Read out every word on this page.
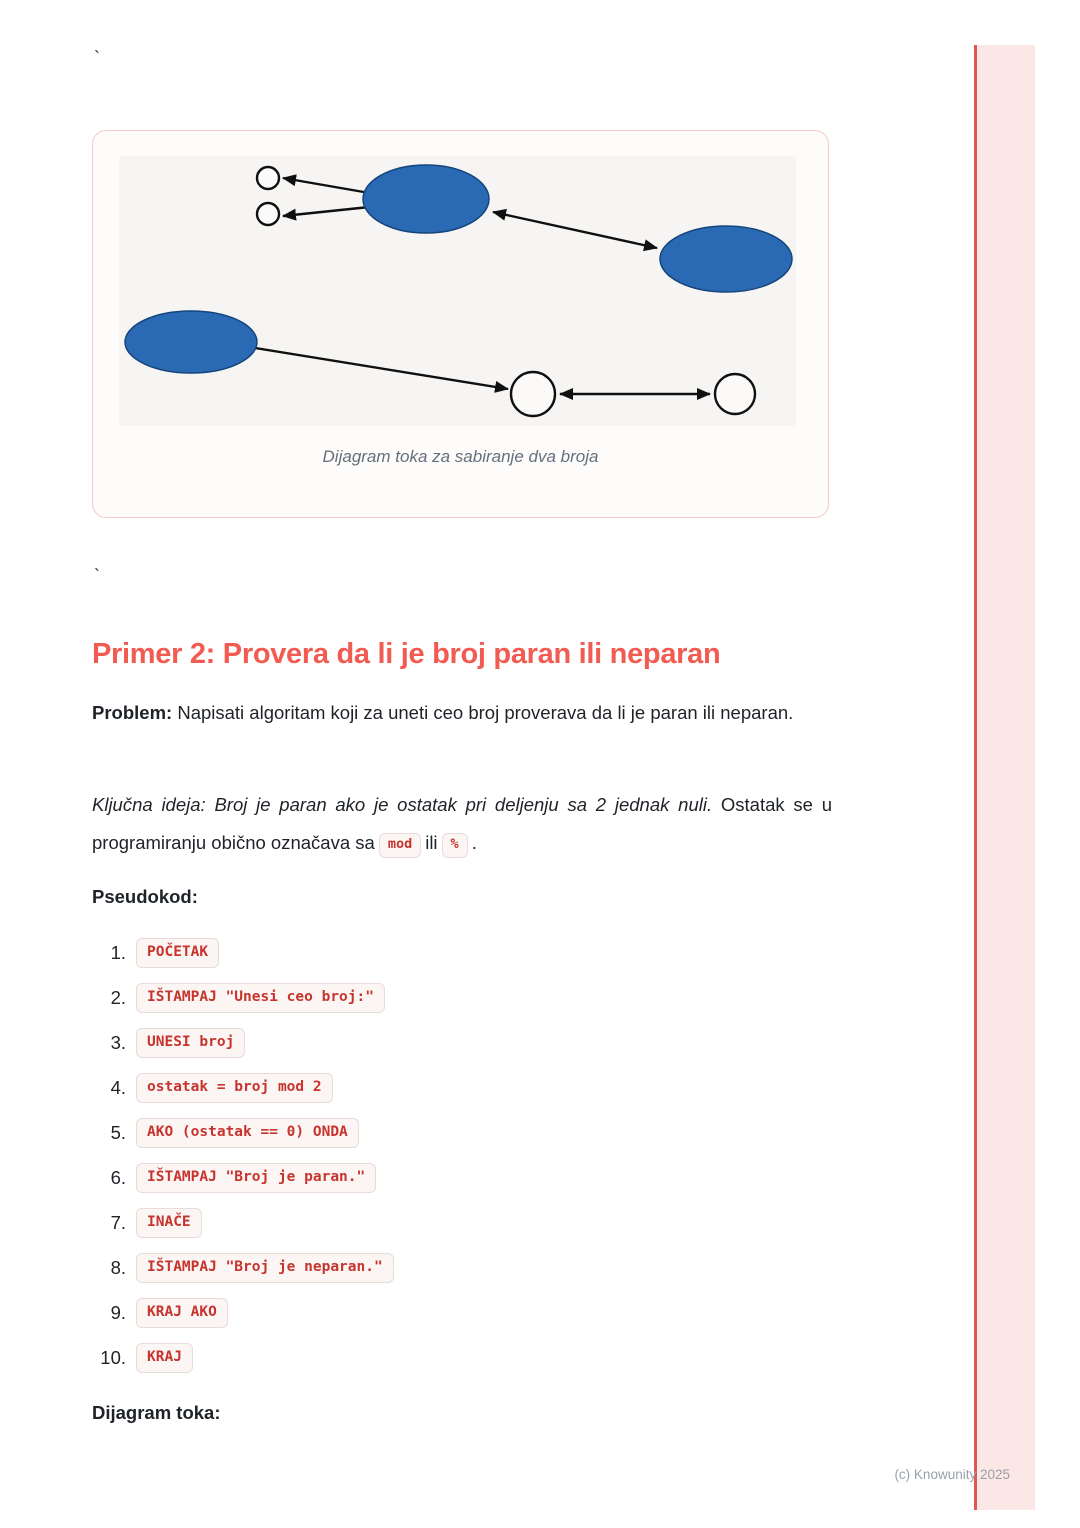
`
Dijagram toka za sabiranje dva broja
`
Primer 2: Provera da li je broj paran ili neparan

Problem: Napisati algoritam koji za uneti ceo broj proverava da li je paran ili neparan.

Ključna ideja: Broj je paran ako je ostatak pri deljenju sa 2 jednak nuli. Ostatak se u programiranju obično označava sa mod ili % .

Pseudokod:
1.	POČETAK
2.	IŠTAMPAJ "Unesi ceo broj:"
3.	UNESI broj
4.	ostatak = broj mod 2
5.	AKO (ostatak == 0) ONDA
6.	IŠTAMPAJ "Broj je paran."
7.	INAČE
8.	IŠTAMPAJ "Broj je neparan."
9.	KRAJ AKO
10.	KRAJ
Dijagram toka:
(c) Knowunity 2025
